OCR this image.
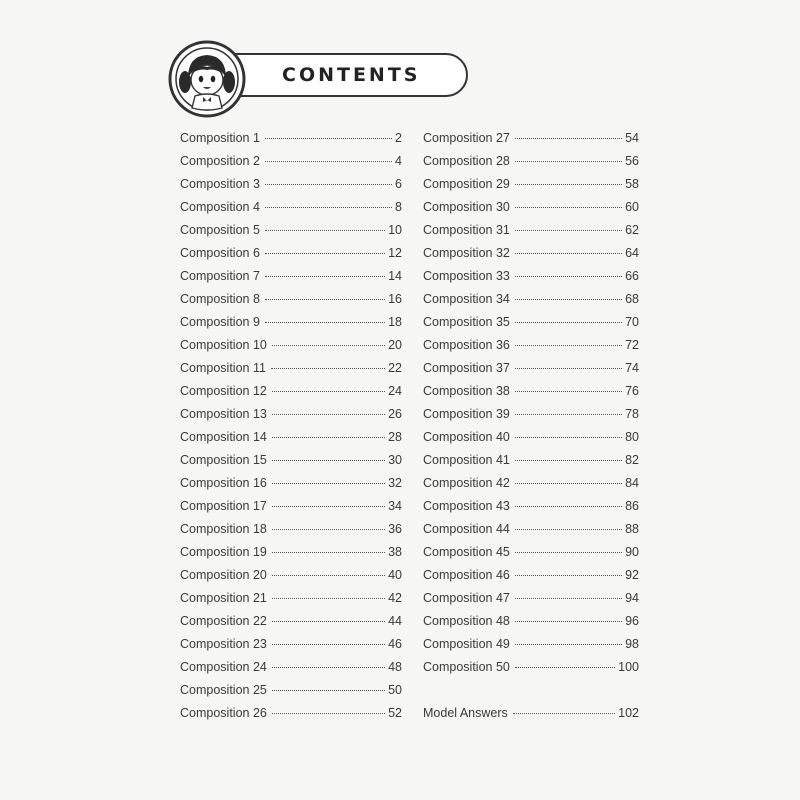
CONTENTS
Composition 1	2
Composition 2	4
Composition 3	6
Composition 4	8
Composition 5	10
Composition 6	12
Composition 7	14
Composition 8	16
Composition 9	18
Composition 10	20
Composition 11	22
Composition 12	24
Composition 13	26
Composition 14	28
Composition 15	30
Composition 16	32
Composition 17	34
Composition 18	36
Composition 19	38
Composition 20	40
Composition 21	42
Composition 22	44
Composition 23	46
Composition 24	48
Composition 25	50
Composition 26	52
Composition 27	54
Composition 28	56
Composition 29	58
Composition 30	60
Composition 31	62
Composition 32	64
Composition 33	66
Composition 34	68
Composition 35	70
Composition 36	72
Composition 37	74
Composition 38	76
Composition 39	78
Composition 40	80
Composition 41	82
Composition 42	84
Composition 43	86
Composition 44	88
Composition 45	90
Composition 46	92
Composition 47	94
Composition 48	96
Composition 49	98
Composition 50	100
Model Answers	102
